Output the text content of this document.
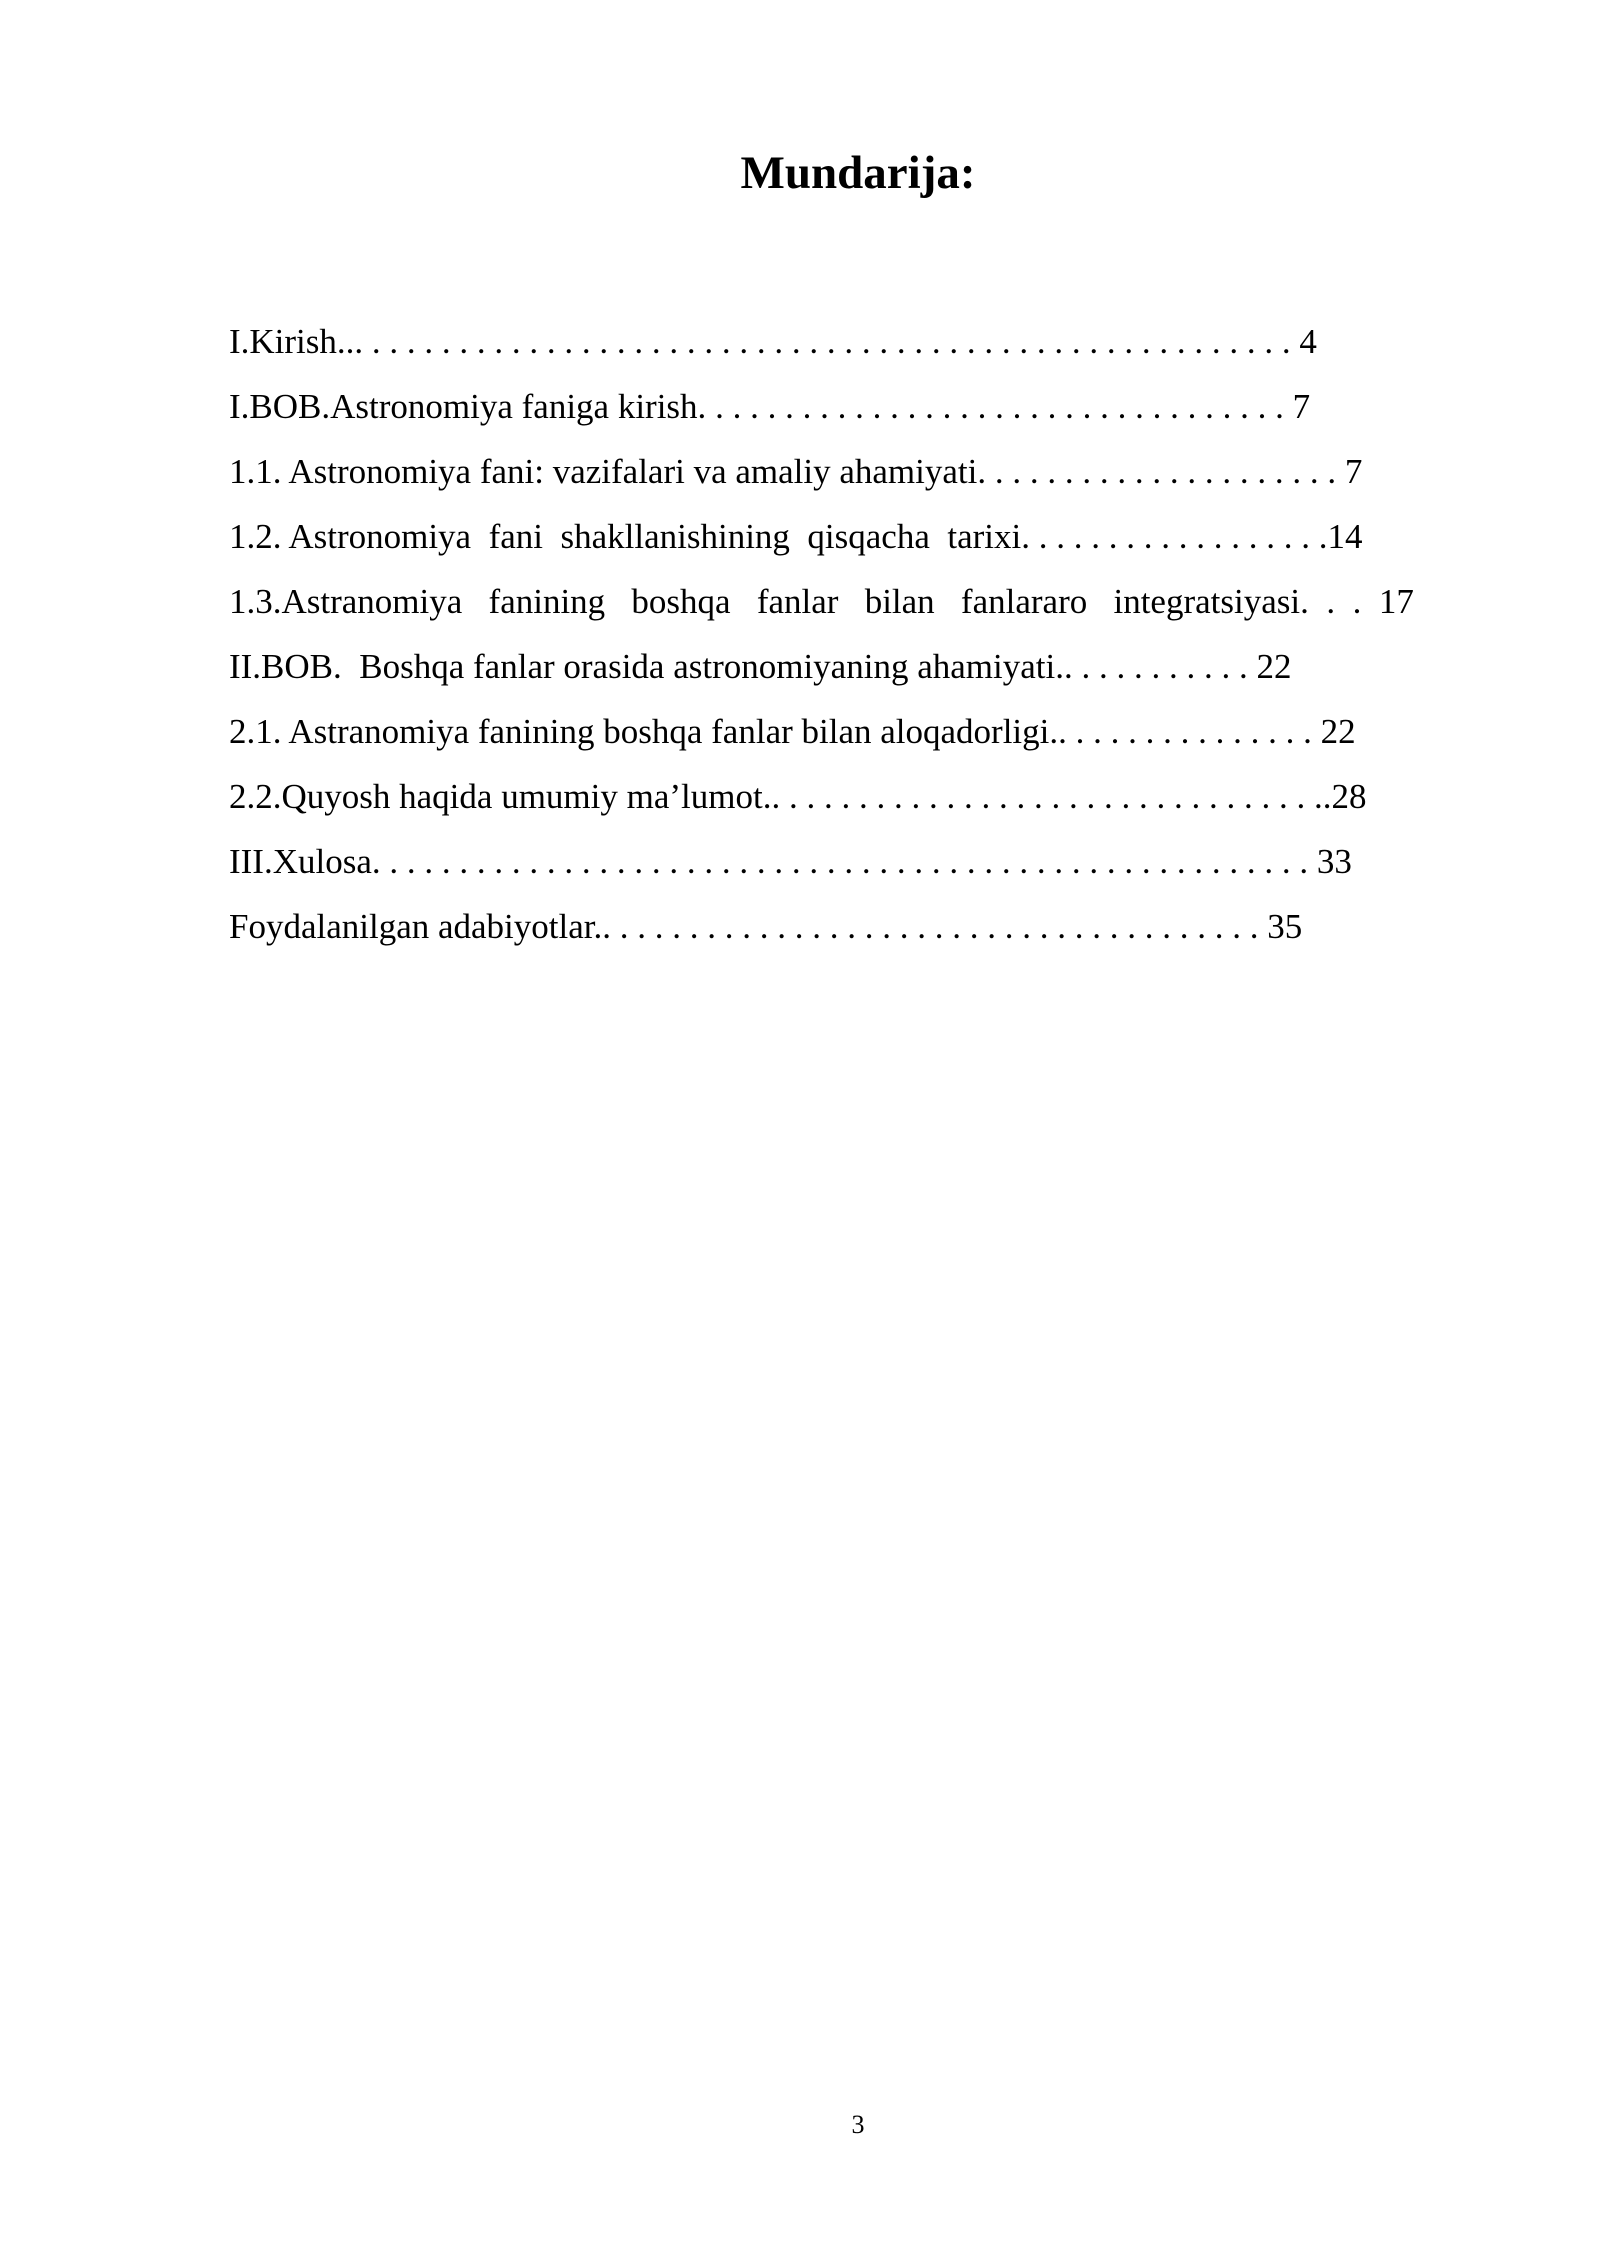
Mundarija:
I.Kirish... . . . . . . . . . . . . . . . . . . . . . . . . . . . . . . . . . . . . . . . . . . . . . . . . . . . . . 4
I.BOB.Astronomiya faniga kirish. . . . . . . . . . . . . . . . . . . . . . . . . . . . . . . . . . 7
1.1. Astronomiya fani: vazifalari va amaliy ahamiyati. . . . . . . . . . . . . . . . . . . . . 7
1.2. Astronomiya  fani  shakllanishining  qisqacha  tarixi. . . . . . . . . . . . . . . . . .14
1.3.Astranomiya   fanining   boshqa   fanlar   bilan   fanlararo   integratsiyasi.  .  .  17
II.BOB.  Boshqa fanlar orasida astronomiyaning ahamiyati.. . . . . . . . . . . 22
2.1. Astranomiya fanining boshqa fanlar bilan aloqadorligi.. . . . . . . . . . . . . . . 22
2.2.Quyosh haqida umumiy ma’lumot.. . . . . . . . . . . . . . . . . . . . . . . . . . . . . . . ..28
III.Xulosa. . . . . . . . . . . . . . . . . . . . . . . . . . . . . . . . . . . . . . . . . . . . . . . . . . . . . . 33
Foydalanilgan adabiyotlar.. . . . . . . . . . . . . . . . . . . . . . . . . . . . . . . . . . . . . . 35
3
